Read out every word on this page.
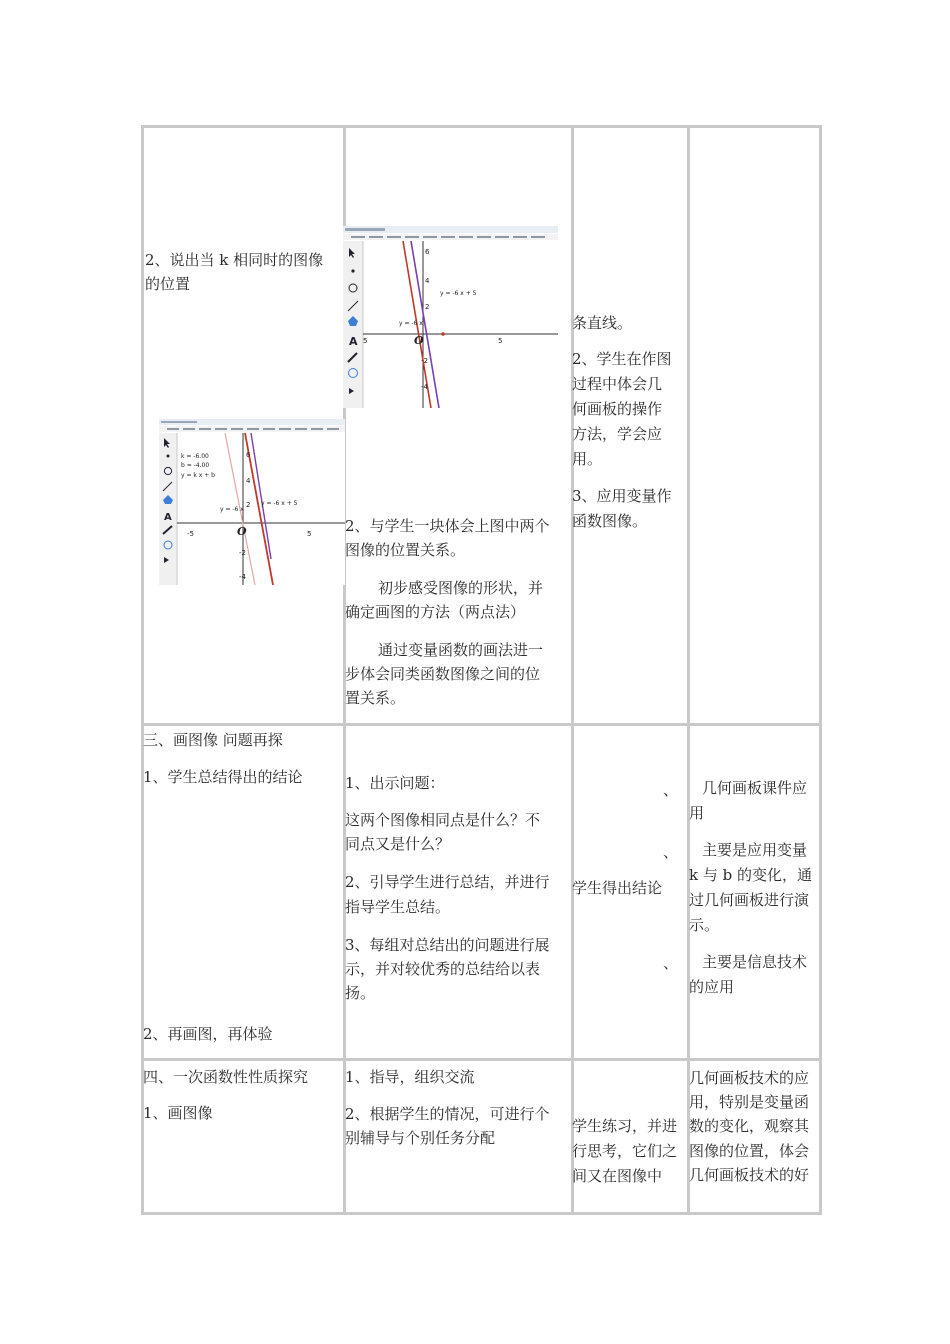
2、说出当 k 相同时的图像
的位置
2、与学生一块体会上图中两个
图像的位置关系。
初步感受图像的形状，并
确定画图的方法（两点法）
通过变量函数的画法进一
步体会同类函数图像之间的位
置关系。
条直线。
2、学生在作图
过程中体会几
何画板的操作
方法，学会应
用。
3、应用变量作
函数图像。
A
y = -6 x + 5
y = -6 x
O
5	5
6
4
2
-2
-4
A
k = -6.00
b = -4.00
y = k x + b
y = -6 x + 5
y = -6 x
O
-5	5
6
4
2
-2
-4
三、画图像 问题再探
1、学生总结得出的结论
2、再画图，再体验
1、出示问题：
这两个图像相同点是什么？不
同点又是什么？
2、引导学生进行总结，并进行
指导学生总结。
3、每组对总结出的问题进行展
示，并对较优秀的总结给以表
扬。
、
、
、
学生得出结论
几何画板课件应
用
主要是应用变量
k 与 b 的变化，通
过几何画板进行演
示。
主要是信息技术
的应用
四、一次函数性性质探究
1、画图像
1、指导，组织交流
2、根据学生的情况，可进行个
别辅导与个别任务分配
学生练习，并进
行思考，它们之
间又在图像中
几何画板技术的应
用，特别是变量函
数的变化，观察其
图像的位置，体会
几何画板技术的好
